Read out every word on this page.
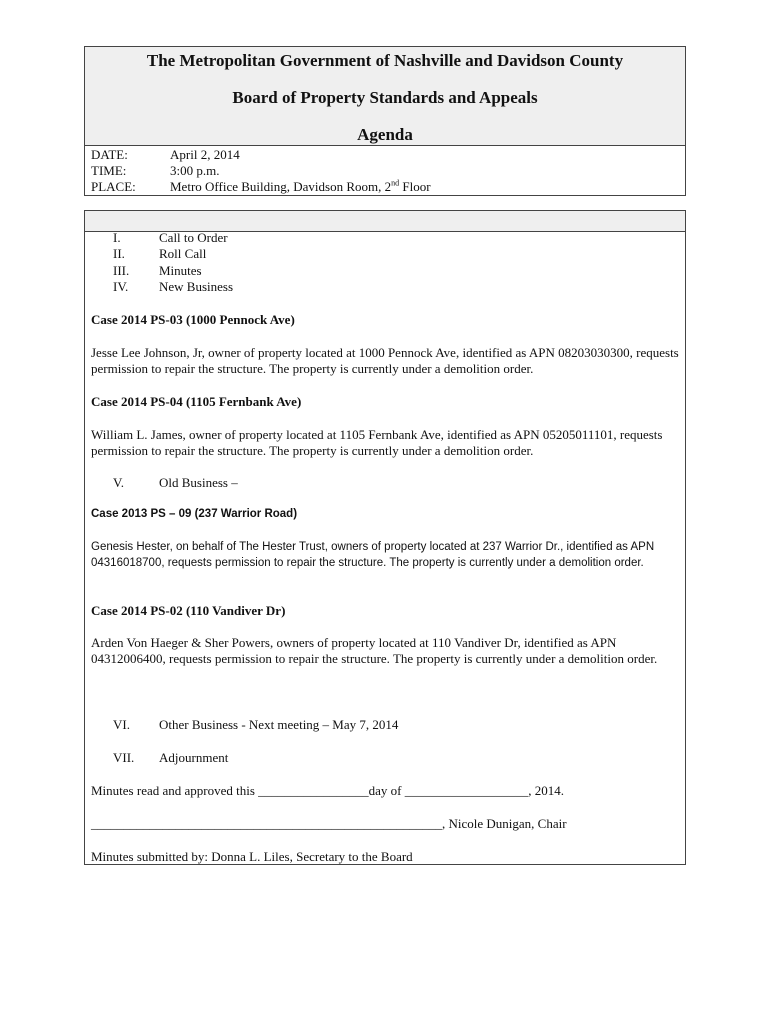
The Metropolitan Government of Nashville and Davidson County
Board of Property Standards and Appeals
Agenda
DATE:	April 2, 2014
TIME:	3:00 p.m.
PLACE:	Metro Office Building, Davidson Room, 2nd Floor
I.	Call to Order
II.	Roll Call
III.	Minutes
IV.	New Business
Case 2014 PS-03 (1000 Pennock Ave)
Jesse Lee Johnson, Jr, owner of property located at 1000 Pennock Ave, identified as APN 08203030300, requests permission to repair the structure. The property is currently under a demolition order.
Case 2014 PS-04 (1105 Fernbank Ave)
William L. James, owner of property located at 1105 Fernbank Ave, identified as APN 05205011101, requests permission to repair the structure. The property is currently under a demolition order.
V.	Old Business –
Case 2013 PS – 09 (237 Warrior Road)
Genesis Hester, on behalf of The Hester Trust, owners of property located at 237 Warrior Dr., identified as APN 04316018700, requests permission to repair the structure. The property is currently under a demolition order.
Case 2014 PS-02 (110 Vandiver Dr)
Arden Von Haeger & Sher Powers, owners of property located at 110 Vandiver Dr, identified as APN 04312006400, requests permission to repair the structure. The property is currently under a demolition order.
VI.	Other Business - Next meeting – May 7, 2014
VII.	Adjournment
Minutes read and approved this _________________day of ___________________, 2014.
______________________________________________________, Nicole Dunigan, Chair
Minutes submitted by: Donna L. Liles, Secretary to the Board
